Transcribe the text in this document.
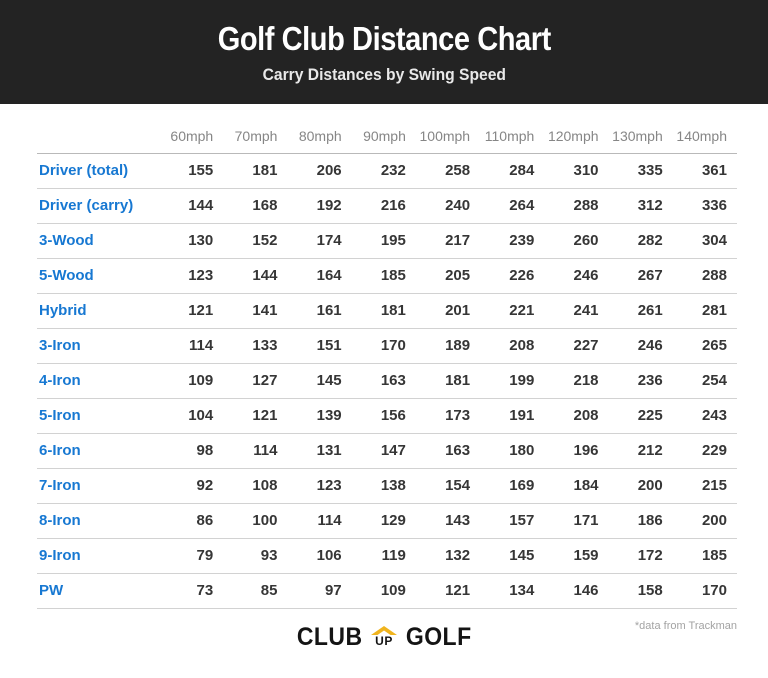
Golf Club Distance Chart
Carry Distances by Swing Speed
	60mph	70mph	80mph	90mph	100mph	110mph	120mph	130mph	140mph
Driver (total)	155	181	206	232	258	284	310	335	361
Driver (carry)	144	168	192	216	240	264	288	312	336
3-Wood	130	152	174	195	217	239	260	282	304
5-Wood	123	144	164	185	205	226	246	267	288
Hybrid	121	141	161	181	201	221	241	261	281
3-Iron	114	133	151	170	189	208	227	246	265
4-Iron	109	127	145	163	181	199	218	236	254
5-Iron	104	121	139	156	173	191	208	225	243
6-Iron	98	114	131	147	163	180	196	212	229
7-Iron	92	108	123	138	154	169	184	200	215
8-Iron	86	100	114	129	143	157	171	186	200
9-Iron	79	93	106	119	132	145	159	172	185
PW	73	85	97	109	121	134	146	158	170
*data from Trackman
CLUB UP GOLF
